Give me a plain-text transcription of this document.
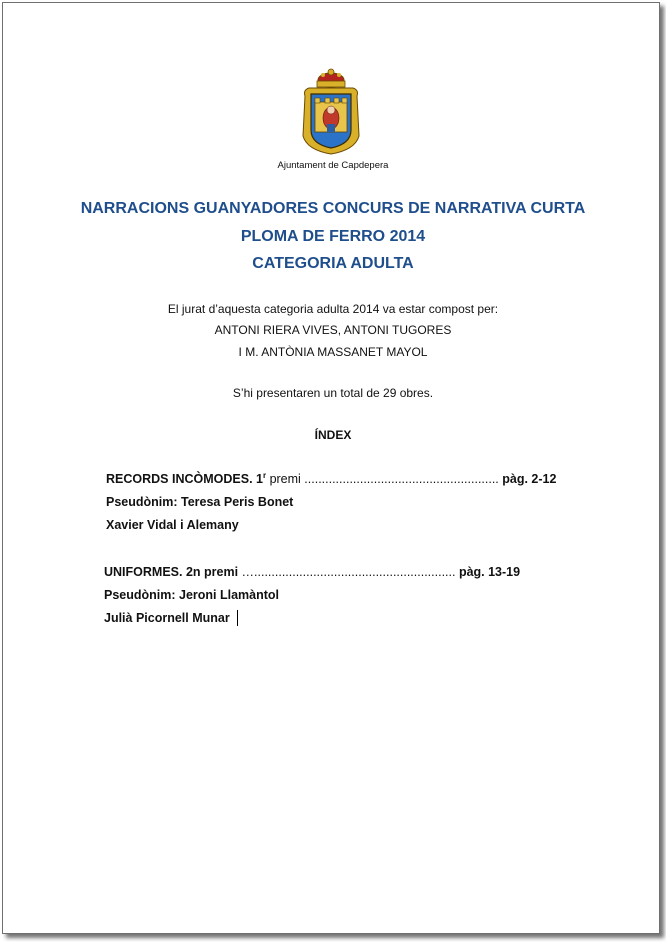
Ajuntament de Capdepera
NARRACIONS GUANYADORES CONCURS DE NARRATIVA CURTA
PLOMA DE FERRO 2014
CATEGORIA ADULTA
El jurat d’aquesta categoria adulta 2014 va estar compost per:
ANTONI RIERA VIVES, ANTONI TUGORES
I M. ANTÒNIA MASSANET MAYOL
S’hi presentaren un total de 29 obres.
ÍNDEX
RECORDS INCÒMODES. 1$^r$ premi ........................................................ pàg. 2-12
Pseudònim: Teresa Peris Bonet
Xavier Vidal i Alemany
UNIFORMES. 2n premi ….......................................................... pàg. 13-19
Pseudònim: Jeroni Llamàntol
Julià Picornell Munar
